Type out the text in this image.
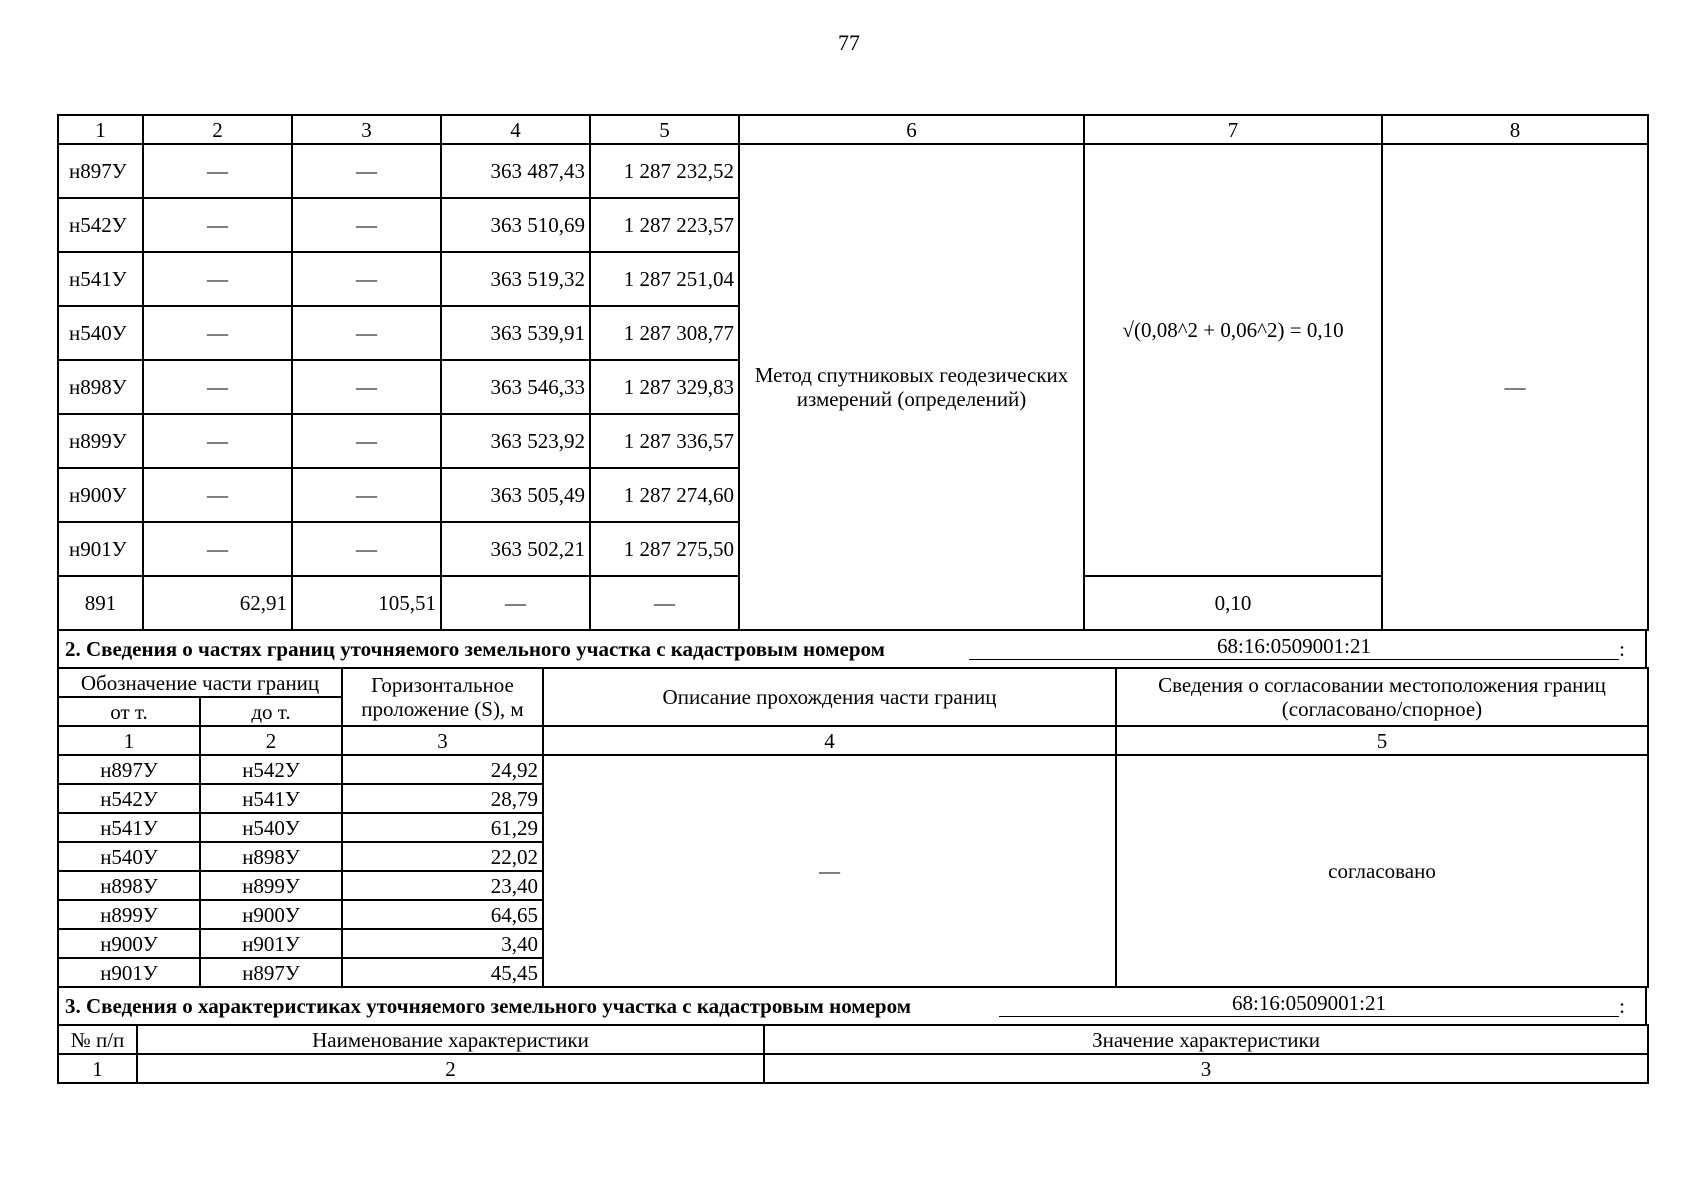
77
1	2	3	4	5	6	7	8
н897У	—	—	363 487,43	1 287 232,52	Метод спутниковых геодезических измерений (определений)	√(0,08^2 + 0,06^2) = 0,10	—
н542У	—	—	363 510,69	1 287 223,57			
н541У	—	—	363 519,32	1 287 251,04			
н540У	—	—	363 539,91	1 287 308,77			
н898У	—	—	363 546,33	1 287 329,83			
н899У	—	—	363 523,92	1 287 336,57			
н900У	—	—	363 505,49	1 287 274,60			
н901У	—	—	363 502,21	1 287 275,50			
891	62,91	105,51	—	—		0,10	
2. Сведения о частях границ уточняемого земельного участка с кадастровым номером	68:16:0509001:21	:
Обозначение части границ		Горизонтальное проложение (S), м	Описание прохождения части границ	Сведения о согласовании местоположения границ (согласовано/спорное)
от т.	до т.			
1	2	3	4	5
н897У	н542У	24,92	—	согласовано
н542У	н541У	28,79		
н541У	н540У	61,29		
н540У	н898У	22,02		
н898У	н899У	23,40		
н899У	н900У	64,65		
н900У	н901У	3,40		
н901У	н897У	45,45		
3. Сведения о характеристиках уточняемого земельного участка с кадастровым номером	68:16:0509001:21	:
№ п/п	Наименование характеристики	Значение характеристики
1	2	3
